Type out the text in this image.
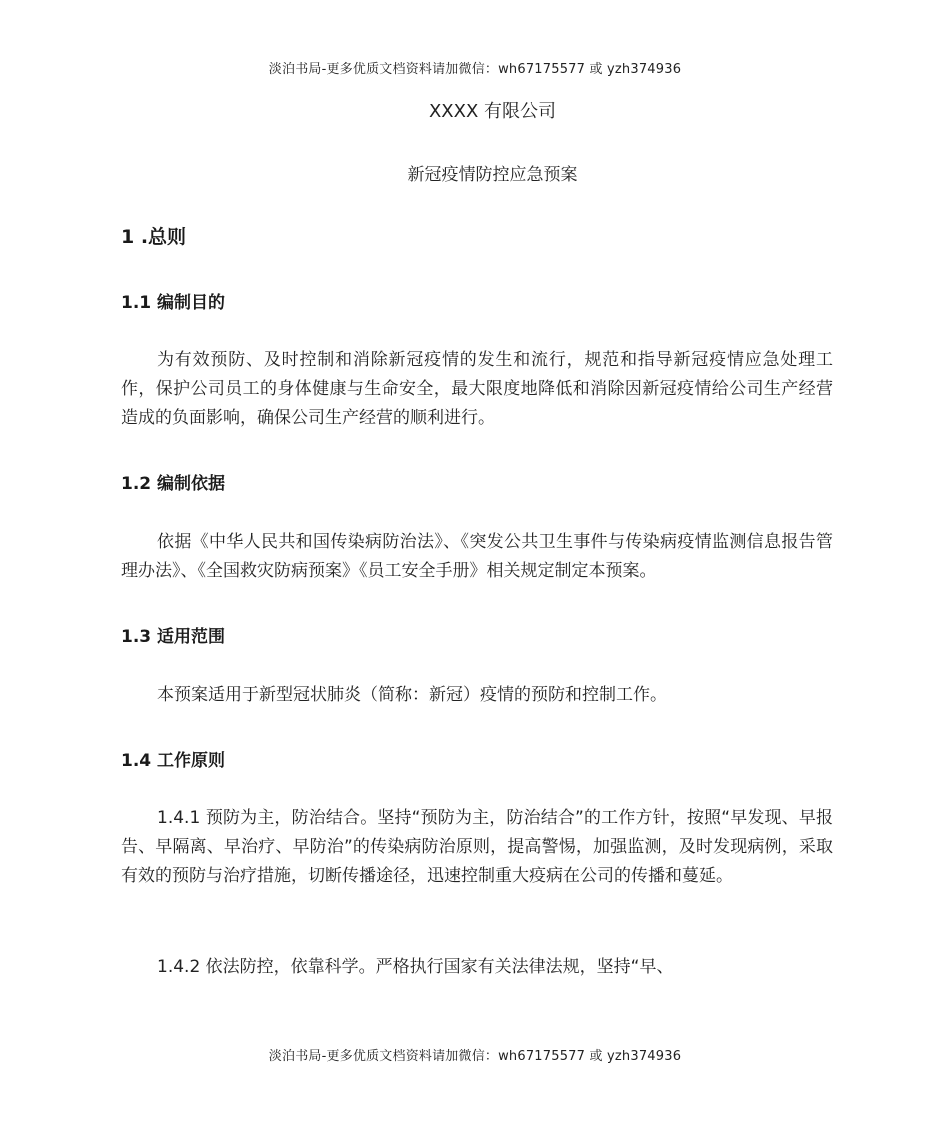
淡泊书局-更多优质文档资料请加微信：wh67175577 或 yzh374936
XXXX 有限公司
新冠疫情防控应急预案
1 .总则
1.1 编制目的

为有效预防、及时控制和消除新冠疫情的发生和流行，规范和指导新冠疫情应急处理工作，保护公司员工的身体健康与生命安全，最大限度地降低和消除因新冠疫情给公司生产经营造成的负面影响，确保公司生产经营的顺利进行。

1.2 编制依据

依据《中华人民共和国传染病防治法》、《突发公共卫生事件与传染病疫情监测信息报告管理办法》、《全国救灾防病预案》《员工安全手册》相关规定制定本预案。

1.3 适用范围

本预案适用于新型冠状肺炎（简称：新冠）疫情的预防和控制工作。

1.4 工作原则

1.4.1 预防为主，防治结合。坚持“预防为主，防治结合”的工作方针，按照“早发现、早报告、早隔离、早治疗、早防治”的传染病防治原则，提高警惕，加强监测，及时发现病例，采取有效的预防与治疗措施，切断传播途径，迅速控制重大疫病在公司的传播和蔓延。

1.4.2 依法防控，依靠科学。严格执行国家有关法律法规，坚持“早、

淡泊书局-更多优质文档资料请加微信：wh67175577 或 yzh374936
